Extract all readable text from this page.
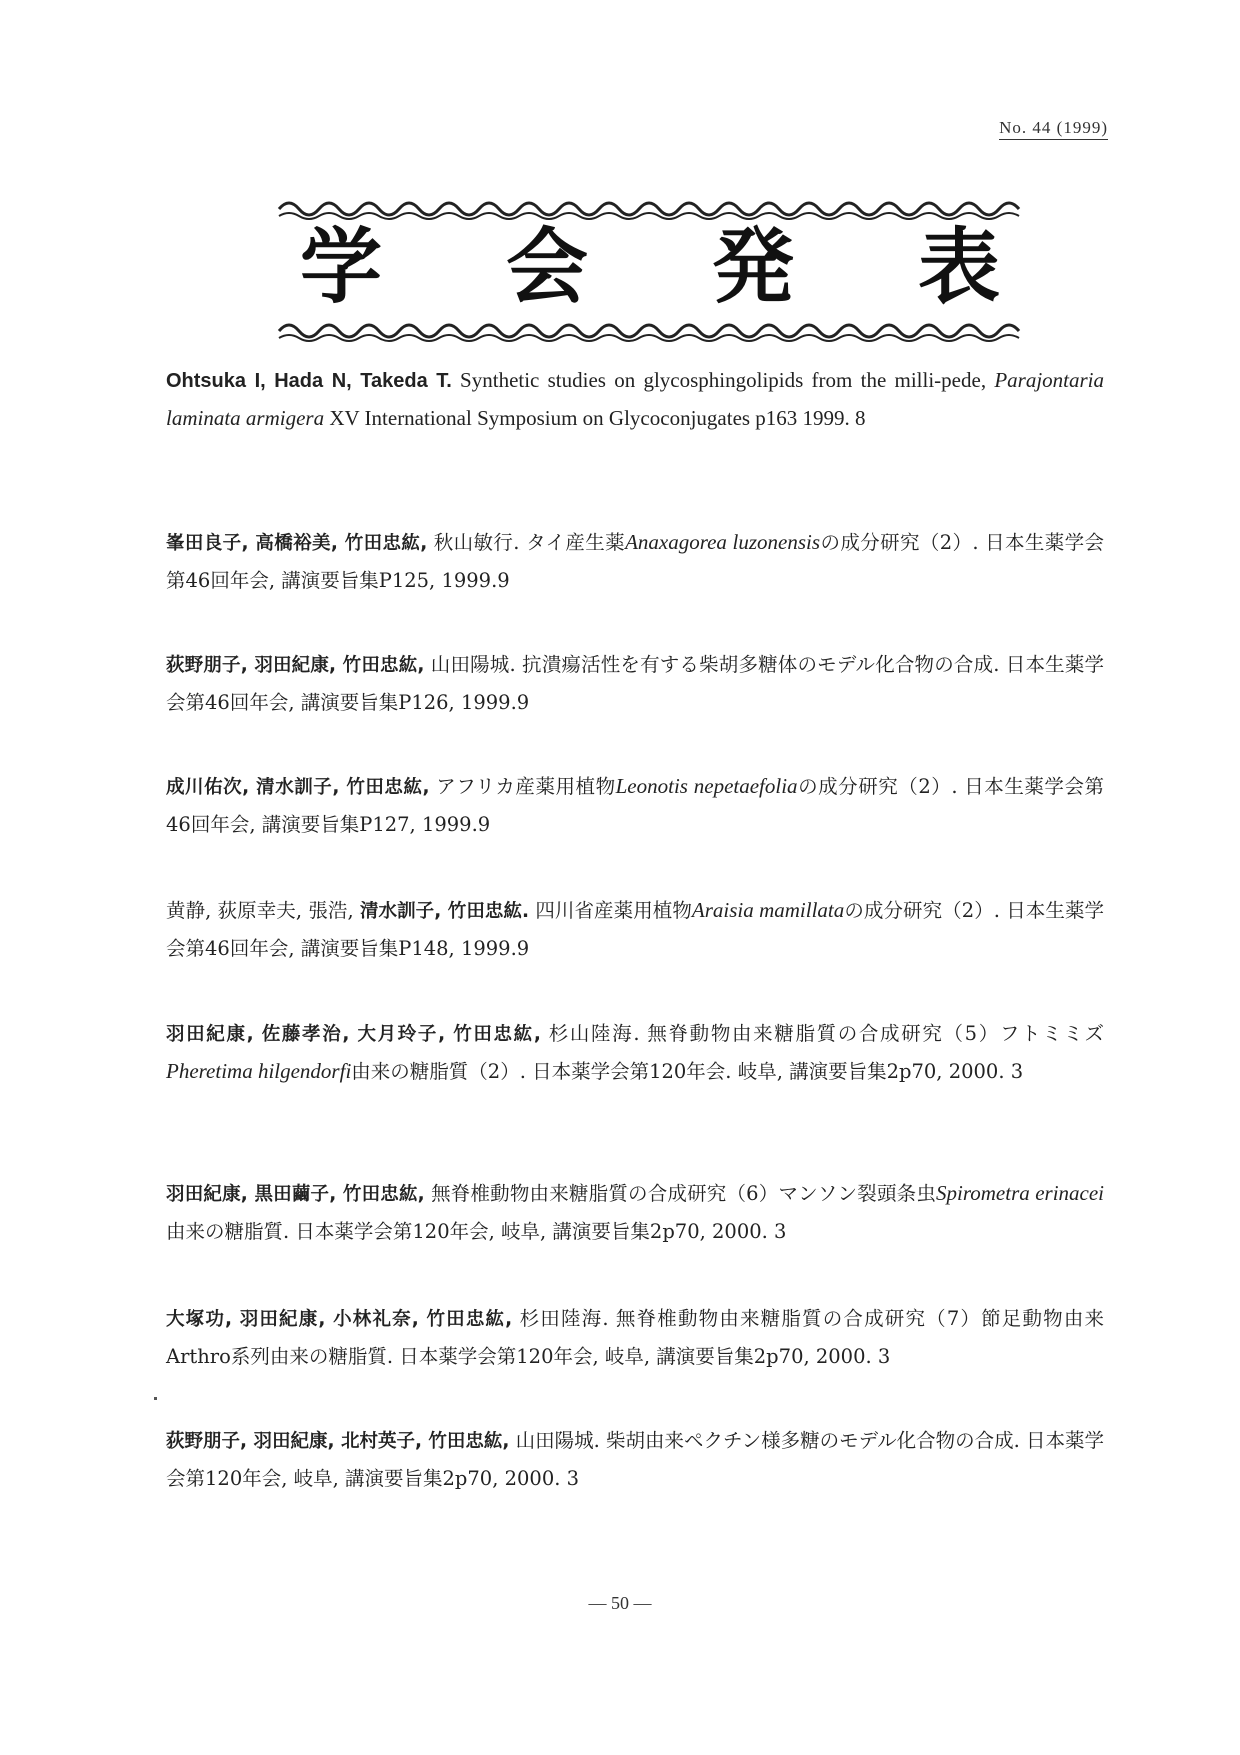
No. 44 (1999)
学 会 発 表
Ohtsuka I, Hada N, Takeda T. Synthetic studies on glycosphingolipids from the milli-pede, Parajontaria laminata armigera XV International Symposium on Glycoconjugates p163 1999. 8
峯田良子, 高橋裕美, 竹田忠紘, 秋山敏行. タイ産生薬Anaxagorea luzonensisの成分研究（2）. 日本生薬学会第46回年会, 講演要旨集P125, 1999.9
荻野朋子, 羽田紀康, 竹田忠紘, 山田陽城. 抗潰瘍活性を有する柴胡多糖体のモデル化合物の合成. 日本生薬学会第46回年会, 講演要旨集P126, 1999.9
成川佑次, 清水訓子, 竹田忠紘, アフリカ産薬用植物Leonotis nepetaefoliaの成分研究（2）. 日本生薬学会第46回年会, 講演要旨集P127, 1999.9
黄静, 荻原幸夫, 張浩, 清水訓子, 竹田忠紘. 四川省産薬用植物Araisia mamillataの成分研究（2）. 日本生薬学会第46回年会, 講演要旨集P148, 1999.9
羽田紀康, 佐藤孝治, 大月玲子, 竹田忠紘, 杉山陸海. 無脊動物由来糖脂質の合成研究（5）フトミミズPheretima hilgendorfi由来の糖脂質（2）. 日本薬学会第120年会. 岐阜, 講演要旨集2p70, 2000. 3
羽田紀康, 黒田繭子, 竹田忠紘, 無脊椎動物由来糖脂質の合成研究（6）マンソン裂頭条虫Spirometra erinacei由来の糖脂質. 日本薬学会第120年会, 岐阜, 講演要旨集2p70, 2000. 3
大塚功, 羽田紀康, 小林礼奈, 竹田忠紘, 杉田陸海. 無脊椎動物由来糖脂質の合成研究（7）節足動物由来Arthro系列由来の糖脂質. 日本薬学会第120年会, 岐阜, 講演要旨集2p70, 2000. 3
荻野朋子, 羽田紀康, 北村英子, 竹田忠紘, 山田陽城. 柴胡由来ペクチン様多糖のモデル化合物の合成. 日本薬学会第120年会, 岐阜, 講演要旨集2p70, 2000. 3
— 50 —
